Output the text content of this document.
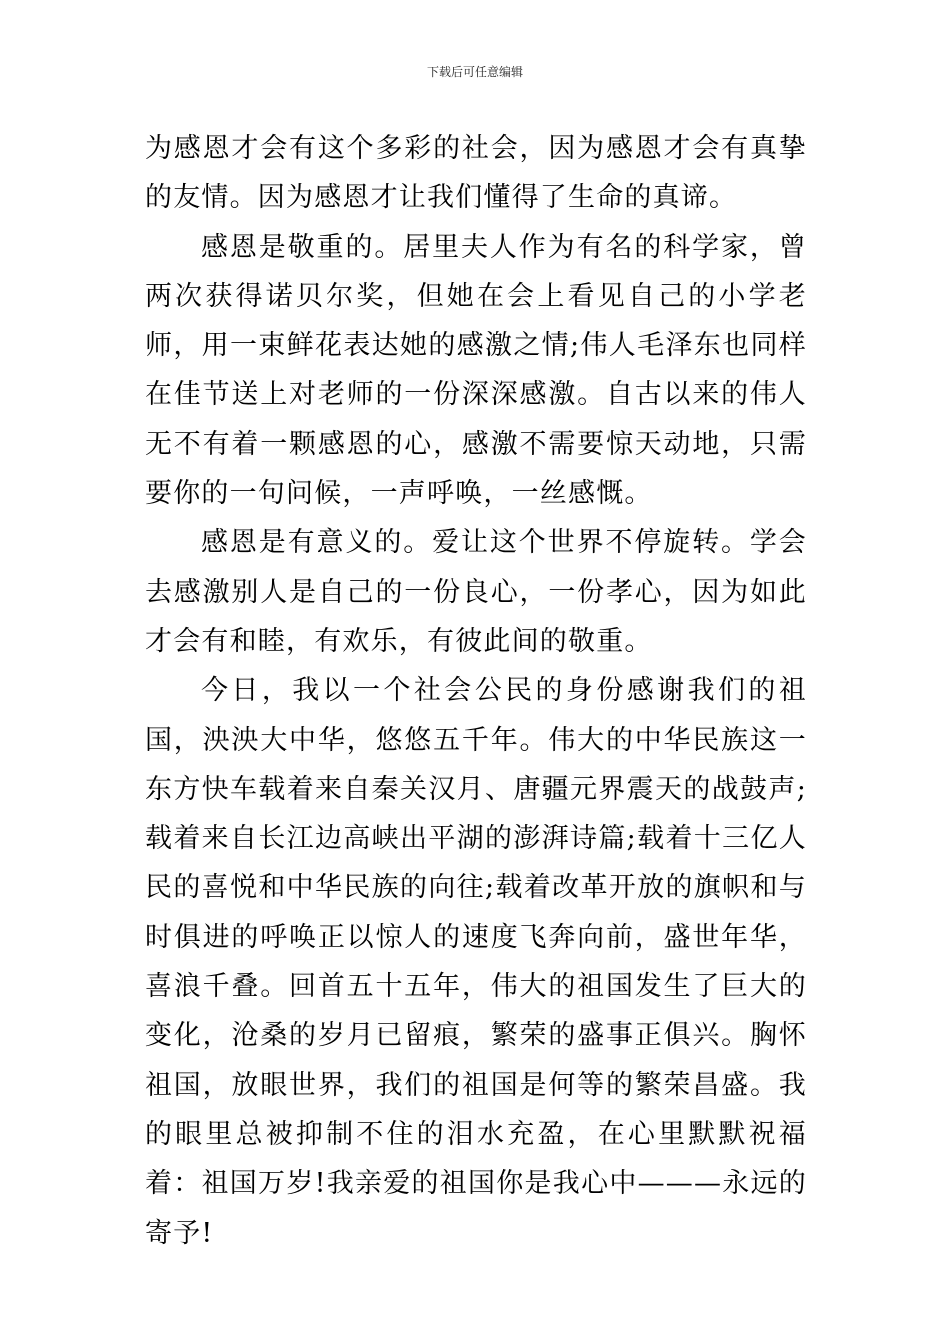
下载后可任意编辑

为感恩才会有这个多彩的社会，因为感恩才会有真挚的友情。因为感恩才让我们懂得了生命的真谛。

感恩是敬重的。居里夫人作为有名的科学家，曾两次获得诺贝尔奖，但她在会上看见自己的小学老师，用一束鲜花表达她的感激之情;伟人毛泽东也同样在佳节送上对老师的一份深深感激。自古以来的伟人无不有着一颗感恩的心，感激不需要惊天动地，只需要你的一句问候，一声呼唤，一丝感慨。

感恩是有意义的。爱让这个世界不停旋转。学会去感激别人是自己的一份良心，一份孝心，因为如此才会有和睦，有欢乐，有彼此间的敬重。

今日，我以一个社会公民的身份感谢我们的祖国，泱泱大中华，悠悠五千年。伟大的中华民族这一东方快车载着来自秦关汉月、唐疆元界震天的战鼓声;载着来自长江边高峡出平湖的澎湃诗篇;载着十三亿人民的喜悦和中华民族的向往;载着改革开放的旗帜和与时俱进的呼唤正以惊人的速度飞奔向前，盛世年华，喜浪千叠。回首五十五年，伟大的祖国发生了巨大的变化，沧桑的岁月已留痕，繁荣的盛事正俱兴。胸怀祖国，放眼世界，我们的祖国是何等的繁荣昌盛。我的眼里总被抑制不住的泪水充盈，在心里默默祝福着：祖国万岁!我亲爱的祖国你是我心中———永远的寄予!
